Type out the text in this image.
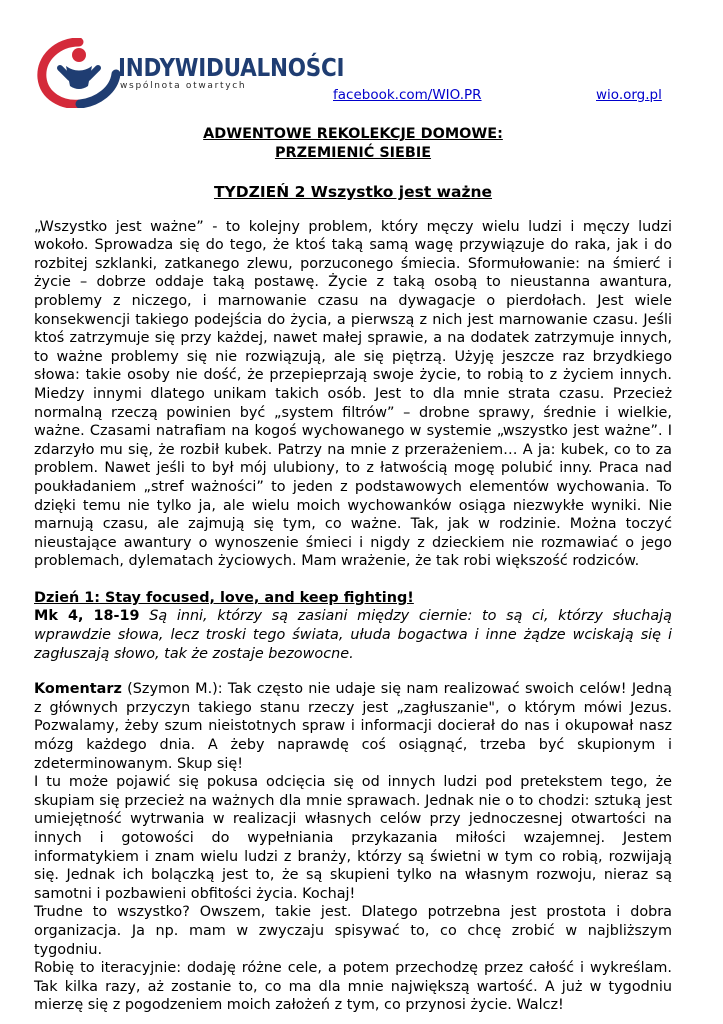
INDYWIDUALNOŚCI
wspólnota otwartych
facebook.com/WIO.PR	wio.org.pl
ADWENTOWE REKOLEKCJE DOMOWE:
PRZEMIENIĆ SIEBIE
TYDZIEŃ 2 Wszystko jest ważne

„Wszystko jest ważne” - to kolejny problem, który męczy wielu ludzi i męczy ludzi wokoło. Sprowadza się do tego, że ktoś taką samą wagę przywiązuje do raka, jak i do rozbitej szklanki, zatkanego zlewu, porzuconego śmiecia. Sformułowanie: na śmierć i życie – dobrze oddaje taką postawę. Życie z taką osobą to nieustanna awantura, problemy z niczego, i marnowanie czasu na dywagacje o pierdołach. Jest wiele konsekwencji takiego podejścia do życia, a pierwszą z nich jest marnowanie czasu. Jeśli ktoś zatrzymuje się przy każdej, nawet małej sprawie, a na dodatek zatrzymuje innych, to ważne problemy się nie rozwiązują, ale się piętrzą. Użyję jeszcze raz brzydkiego słowa: takie osoby nie dość, że przepieprzają swoje życie, to robią to z życiem innych. Miedzy innymi dlatego unikam takich osób. Jest to dla mnie strata czasu. Przecież normalną rzeczą powinien być „system filtrów” – drobne sprawy, średnie i wielkie, ważne. Czasami natrafiam na kogoś wychowanego w systemie „wszystko jest ważne”. I zdarzyło mu się, że rozbił kubek. Patrzy na mnie z przerażeniem… A ja: kubek, co to za problem. Nawet jeśli to był mój ulubiony, to z łatwością mogę polubić inny. Praca nad poukładaniem „stref ważności” to jeden z podstawowych elementów wychowania. To dzięki temu nie tylko ja, ale wielu moich wychowanków osiąga niezwykłe wyniki. Nie marnują czasu, ale zajmują się tym, co ważne. Tak, jak w rodzinie. Można toczyć nieustające awantury o wynoszenie śmieci i nigdy z dzieckiem nie rozmawiać o jego problemach, dylematach życiowych. Mam wrażenie, że tak robi większość rodziców.

Dzień 1: Stay focused, love, and keep fighting!

Mk 4, 18-19 Są inni, którzy są zasiani między ciernie: to są ci, którzy słuchają wprawdzie słowa, lecz troski tego świata, ułuda bogactwa i inne żądze wciskają się i zagłuszają słowo, tak że zostaje bezowocne.

Komentarz (Szymon M.): Tak często nie udaje się nam realizować swoich celów! Jedną z głównych przyczyn takiego stanu rzeczy jest „zagłuszanie", o którym mówi Jezus. Pozwalamy, żeby szum nieistotnych spraw i informacji docierał do nas i okupował nasz mózg każdego dnia. A żeby naprawdę coś osiągnąć, trzeba być skupionym i zdeterminowanym. Skup się!

I tu może pojawić się pokusa odcięcia się od innych ludzi pod pretekstem tego, że skupiam się przecież na ważnych dla mnie sprawach. Jednak nie o to chodzi: sztuką jest umiejętność wytrwania w realizacji własnych celów przy jednoczesnej otwartości na innych i gotowości do wypełniania przykazania miłości wzajemnej. Jestem informatykiem i znam wielu ludzi z branży, którzy są świetni w tym co robią, rozwijają się. Jednak ich bolączką jest to, że są skupieni tylko na własnym rozwoju, nieraz są samotni i pozbawieni obfitości życia. Kochaj!

Trudne to wszystko? Owszem, takie jest. Dlatego potrzebna jest prostota i dobra organizacja. Ja np. mam w zwyczaju spisywać to, co chcę zrobić w najbliższym tygodniu.

Robię to iteracyjnie: dodaję różne cele, a potem przechodzę przez całość i wykreślam. Tak kilka razy, aż zostanie to, co ma dla mnie największą wartość. A już w tygodniu mierzę się z pogodzeniem moich założeń z tym, co przynosi życie. Walcz!
